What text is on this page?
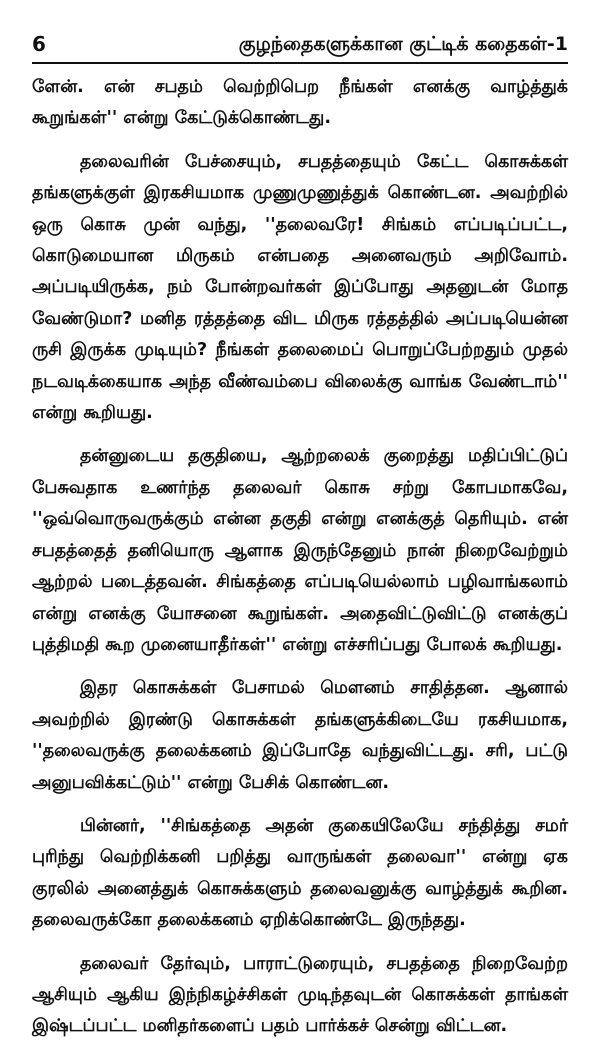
6	குழந்தைகளுக்கான குட்டிக் கதைகள்-1

ளேன். என் சபதம் வெற்றிபெற நீங்கள் எனக்கு வாழ்த்துக் கூறுங்கள்'' என்று கேட்டுக்கொண்டது.

தலைவரின் பேச்சையும், சபதத்தையும் கேட்ட கொசுக்கள் தங்களுக்குள் இரகசியமாக முணுமுணுத்துக் கொண்டன. அவற்றில் ஒரு கொசு முன் வந்து, ''தலைவரே! சிங்கம் எப்படிப்பட்ட, கொடுமையான மிருகம் என்பதை அனைவரும் அறிவோம். அப்படியிருக்க, நம் போன்றவர்கள் இப்போது அதனுடன் மோத வேண்டுமா? மனித ரத்தத்தை விட மிருக ரத்தத்தில் அப்படியென்ன ருசி இருக்க முடியும்? நீங்கள் தலைமைப் பொறுப்பேற்றதும் முதல் நடவடிக்கையாக அந்த வீண்வம்பை விலைக்கு வாங்க வேண்டாம்'' என்று கூறியது.

தன்னுடைய தகுதியை, ஆற்றலைக் குறைத்து மதிப்பிட்டுப் பேசுவதாக உணர்ந்த தலைவர் கொசு சற்று கோபமாகவே, ''ஒவ்வொருவருக்கும் என்ன தகுதி என்று எனக்குத் தெரியும். என் சபதத்தைத் தனியொரு ஆளாக இருந்தேனும் நான் நிறைவேற்றும் ஆற்றல் படைத்தவன். சிங்கத்தை எப்படியெல்லாம் பழிவாங்கலாம் என்று எனக்கு யோசனை கூறுங்கள். அதைவிட்டுவிட்டு எனக்குப் புத்திமதி கூற முனையாதீர்கள்'' என்று எச்சரிப்பது போலக் கூறியது.

இதர கொசுக்கள் பேசாமல் மௌனம் சாதித்தன. ஆனால் அவற்றில் இரண்டு கொசுக்கள் தங்களுக்கிடையே ரகசியமாக, ''தலைவருக்கு தலைக்கனம் இப்போதே வந்துவிட்டது. சரி, பட்டு அனுபவிக்கட்டும்'' என்று பேசிக் கொண்டன.

பின்னர், ''சிங்கத்தை அதன் குகையிலேயே சந்தித்து சமர் புரிந்து வெற்றிக்கனி பறித்து வாருங்கள் தலைவா'' என்று ஏக குரலில் அனைத்துக் கொசுக்களும் தலைவனுக்கு வாழ்த்துக் கூறின. தலைவருக்கோ தலைக்கனம் ஏறிக்கொண்டே இருந்தது.

தலைவர் தேர்வும், பாராட்டுரையும், சபதத்தை நிறைவேற்ற ஆசியும் ஆகிய இந்நிகழ்ச்சிகள் முடிந்தவுடன் கொசுக்கள் தாங்கள் இஷ்டப்பட்ட மனிதர்களைப் பதம் பார்க்கச் சென்று விட்டன.
